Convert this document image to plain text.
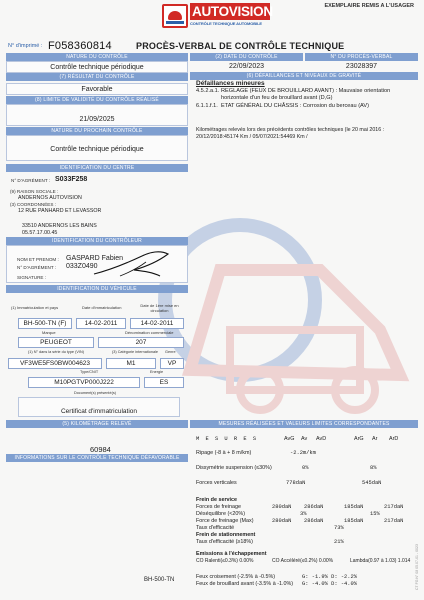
AUTOVISION
CONTRÔLE TECHNIQUE AUTOMOBILE
EXEMPLAIRE REMIS A L'USAGER
N° d'imprimé : F058360814	PROCÈS-VERBAL DE CONTRÔLE TECHNIQUE
NATURE DU CONTRÔLE
Contrôle technique périodique
(7) RÉSULTAT DU CONTRÔLE
Favorable
(8) LIMITE DE VALIDITÉ DU CONTRÔLE RÉALISÉ
21/09/2025
NATURE DU PROCHAIN CONTRÔLE
Contrôle technique périodique
(2) DATE DU CONTRÔLE	N° DU PROCÈS-VERBAL
22/09/2023	23028397
(6) DÉFAILLANCES ET NIVEAUX DE GRAVITÉ
Défaillances mineures
4.5.2.a.1. REGLAGE (FEUX DE BROUILLARD AVANT) : Mauvaise orientation horizontale d'un feu de brouillard avant (D,G)
6.1.1.f.1. ETAT GÉNÉRAL DU CHÂSSIS : Corrosion du berceau (AV)
Kilométrages relevés lors des précédents contrôles techniques (le 20 mai 2016 : 20/12/2018:45174 Km / 05/07/2021:54469 Km /
IDENTIFICATION DU CENTRE
N° D'AGRÉMENT : S033F258
(9) RAISON SOCIALE :
ANDERNOS AUTOVISION
(3) COORDONNÉES :
12 RUE PANHARD ET LEVASSOR
33510 ANDERNOS LES BAINS
05.57.17.00.45
IDENTIFICATION DU CONTRÔLEUR
NOM ET PRENOM : GASPARD Fabien
N° D'AGRÉMENT : 033Z0490
SIGNATURE :
IDENTIFICATION DU VÉHICULE
(1) Immatriculation et pays	Date d'immatriculation	Date de 1ère mise en circulation
BH-500-TN (F)	14-02-2011	14-02-2011
Marque	Dénomination commerciale
PEUGEOT	207
(1) N° dans la série du type (VIN)	(3) Catégorie internationale Genre
VF3WE5FS0BW004623	M1	VP
Type/CNIT	Energie
M10PGTVP000J222	ES
Document(s) présenté(s)
Certificat d'immatriculation
(5) KILOMÉTRAGE RELEVÉ
60984
INFORMATIONS SUR LE CONTRÔLE TECHNIQUE DÉFAVORABLE
BH-500-TN
MESURES RÉALISÉES ET VALEURS LIMITES CORRESPONDANTES
M E S U R E S	AvG Av AvD	ArG Ar ArD
Ripage (-8 à + 8 m/km)	-2.2m/km
Dissymétrie suspension (≤30%)	0%	8%
Forces verticales	778daN	545daN
Frein de service
Forces de freinage	280daN 286daN	185daN	217daN
Déséquilibre (<20%)	3%	15%
Force de freinage (Max)	280daN 286daN	185daN	217daN
Taux d'efficacité	73%
Frein de stationnement
Taux d'efficacité (≥18%)	21%
Emissions à l'échappement
CO Ralenti(≤0.3%) 0.00%	CO Accéléré(≤0.2%) 0.00%	Lambda(0.97 à 1.03) 1.014
Feux croisement (-2.5% à -0.5%)	G: -1.9% D: -2.2%
Feux de brouillard avant (-3.5% à -1.0%) G: -4.0% D: -4.0%	CT FG N° 08 05.07-01 - 0023
